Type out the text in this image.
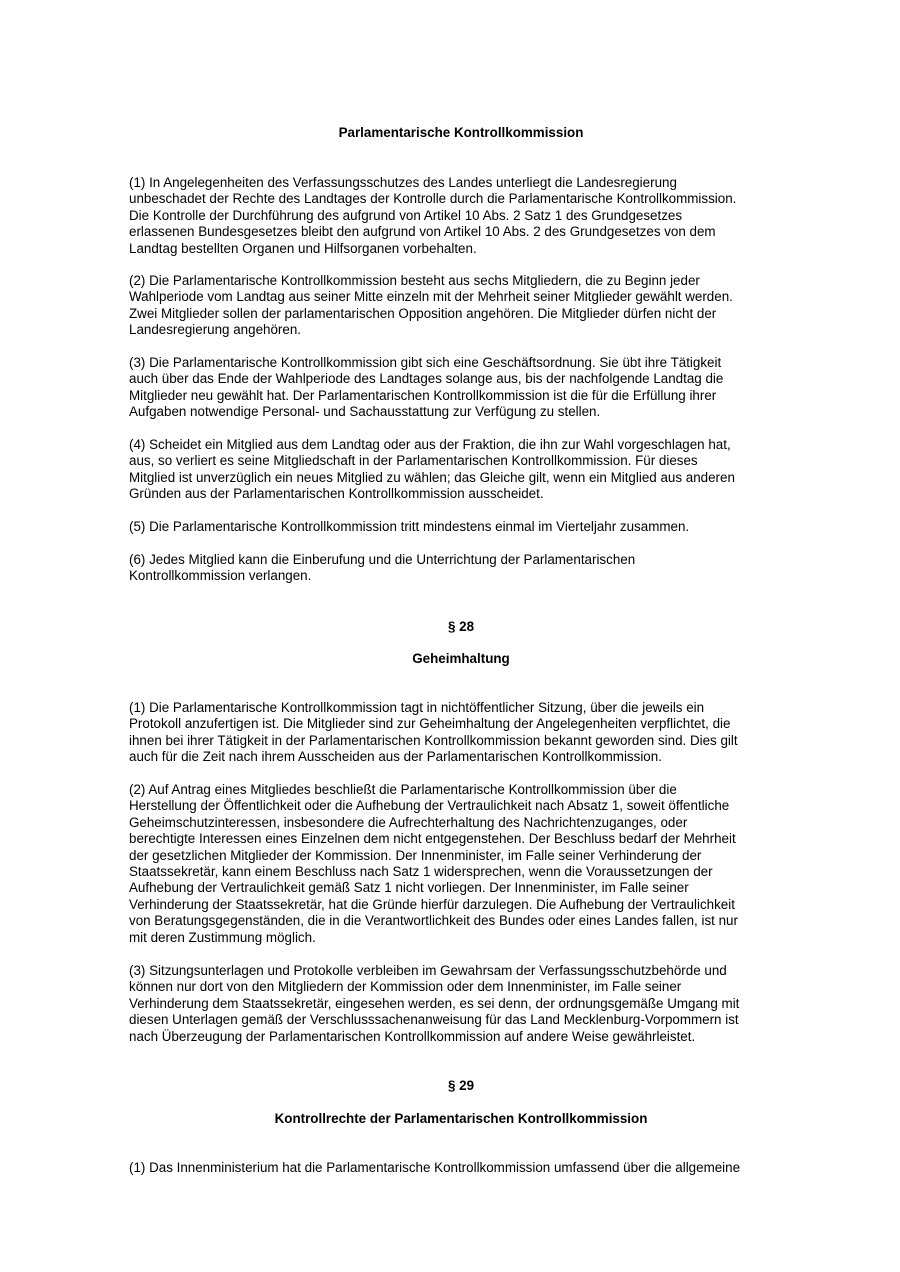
Parlamentarische Kontrollkommission
(1) In Angelegenheiten des Verfassungsschutzes des Landes unterliegt die Landesregierung
unbeschadet der Rechte des Landtages der Kontrolle durch die Parlamentarische Kontrollkommission.
Die Kontrolle der Durchführung des aufgrund von Artikel 10 Abs. 2 Satz 1 des Grundgesetzes
erlassenen Bundesgesetzes bleibt den aufgrund von Artikel 10 Abs. 2 des Grundgesetzes von dem
Landtag bestellten Organen und Hilfsorganen vorbehalten.
(2) Die Parlamentarische Kontrollkommission besteht aus sechs Mitgliedern, die zu Beginn jeder
Wahlperiode vom Landtag aus seiner Mitte einzeln mit der Mehrheit seiner Mitglieder gewählt werden.
Zwei Mitglieder sollen der parlamentarischen Opposition angehören. Die Mitglieder dürfen nicht der
Landesregierung angehören.
(3) Die Parlamentarische Kontrollkommission gibt sich eine Geschäftsordnung. Sie übt ihre Tätigkeit
auch über das Ende der Wahlperiode des Landtages solange aus, bis der nachfolgende Landtag die
Mitglieder neu gewählt hat. Der Parlamentarischen Kontrollkommission ist die für die Erfüllung ihrer
Aufgaben notwendige Personal- und Sachausstattung zur Verfügung zu stellen.
(4) Scheidet ein Mitglied aus dem Landtag oder aus der Fraktion, die ihn zur Wahl vorgeschlagen hat,
aus, so verliert es seine Mitgliedschaft in der Parlamentarischen Kontrollkommission. Für dieses
Mitglied ist unverzüglich ein neues Mitglied zu wählen; das Gleiche gilt, wenn ein Mitglied aus anderen
Gründen aus der Parlamentarischen Kontrollkommission ausscheidet.
(5) Die Parlamentarische Kontrollkommission tritt mindestens einmal im Vierteljahr zusammen.
(6) Jedes Mitglied kann die Einberufung und die Unterrichtung der Parlamentarischen
Kontrollkommission verlangen.
§ 28
Geheimhaltung
(1) Die Parlamentarische Kontrollkommission tagt in nichtöffentlicher Sitzung, über die jeweils ein
Protokoll anzufertigen ist. Die Mitglieder sind zur Geheimhaltung der Angelegenheiten verpflichtet, die
ihnen bei ihrer Tätigkeit in der Parlamentarischen Kontrollkommission bekannt geworden sind. Dies gilt
auch für die Zeit nach ihrem Ausscheiden aus der Parlamentarischen Kontrollkommission.
(2) Auf Antrag eines Mitgliedes beschließt die Parlamentarische Kontrollkommission über die
Herstellung der Öffentlichkeit oder die Aufhebung der Vertraulichkeit nach Absatz 1, soweit öffentliche
Geheimschutzinteressen, insbesondere die Aufrechterhaltung des Nachrichtenzuganges, oder
berechtigte Interessen eines Einzelnen dem nicht entgegenstehen. Der Beschluss bedarf der Mehrheit
der gesetzlichen Mitglieder der Kommission. Der Innenminister, im Falle seiner Verhinderung der
Staatssekretär, kann einem Beschluss nach Satz 1 widersprechen, wenn die Voraussetzungen der
Aufhebung der Vertraulichkeit gemäß Satz 1 nicht vorliegen. Der Innenminister, im Falle seiner
Verhinderung der Staatssekretär, hat die Gründe hierfür darzulegen. Die Aufhebung der Vertraulichkeit
von Beratungsgegenständen, die in die Verantwortlichkeit des Bundes oder eines Landes fallen, ist nur
mit deren Zustimmung möglich.
(3) Sitzungsunterlagen und Protokolle verbleiben im Gewahrsam der Verfassungsschutzbehörde und
können nur dort von den Mitgliedern der Kommission oder dem Innenminister, im Falle seiner
Verhinderung dem Staatssekretär, eingesehen werden, es sei denn, der ordnungsgemäße Umgang mit
diesen Unterlagen gemäß der Verschlusssachenanweisung für das Land Mecklenburg-Vorpommern ist
nach Überzeugung der Parlamentarischen Kontrollkommission auf andere Weise gewährleistet.
§ 29
Kontrollrechte der Parlamentarischen Kontrollkommission
(1) Das Innenministerium hat die Parlamentarische Kontrollkommission umfassend über die allgemeine
